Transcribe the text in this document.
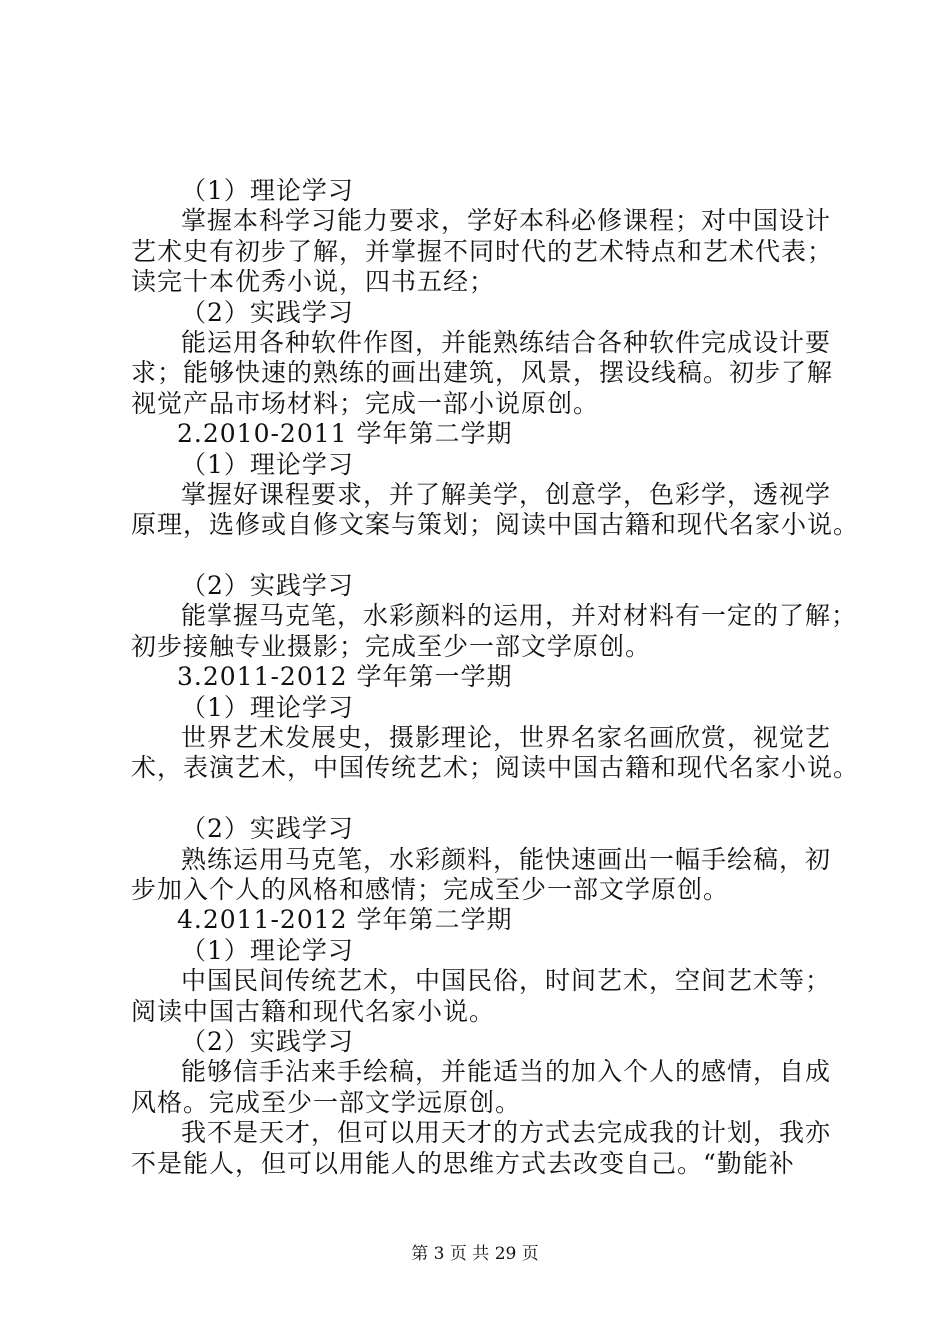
（1）理论学习
掌握本科学习能力要求，学好本科必修课程；对中国设计
艺术史有初步了解，并掌握不同时代的艺术特点和艺术代表；
读完十本优秀小说，四书五经；
（2）实践学习
能运用各种软件作图，并能熟练结合各种软件完成设计要
求；能够快速的熟练的画出建筑，风景，摆设线稿。初步了解
视觉产品市场材料；完成一部小说原创。
2.2010-2011 学年第二学期
（1）理论学习
掌握好课程要求，并了解美学，创意学，色彩学，透视学
原理，选修或自修文案与策划；阅读中国古籍和现代名家小说。
（2）实践学习
能掌握马克笔，水彩颜料的运用，并对材料有一定的了解；
初步接触专业摄影；完成至少一部文学原创。
3.2011-2012 学年第一学期
（1）理论学习
世界艺术发展史，摄影理论，世界名家名画欣赏，视觉艺
术，表演艺术，中国传统艺术；阅读中国古籍和现代名家小说。
（2）实践学习
熟练运用马克笔，水彩颜料，能快速画出一幅手绘稿，初
步加入个人的风格和感情；完成至少一部文学原创。
4.2011-2012 学年第二学期
（1）理论学习
中国民间传统艺术，中国民俗，时间艺术，空间艺术等；
阅读中国古籍和现代名家小说。
（2）实践学习
能够信手沾来手绘稿，并能适当的加入个人的感情，自成
风格。完成至少一部文学远原创。
我不是天才，但可以用天才的方式去完成我的计划，我亦
不是能人，但可以用能人的思维方式去改变自己。“勤能补
第 3 页 共 29 页
